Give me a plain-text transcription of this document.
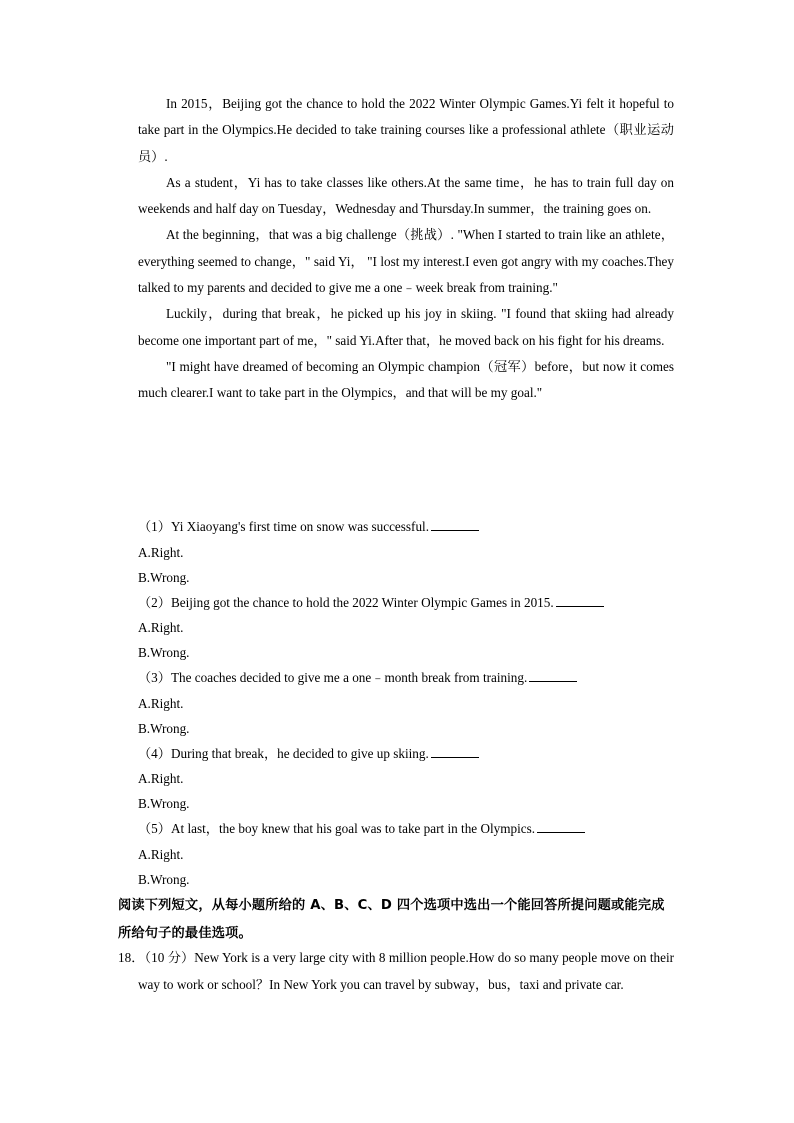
In 2015，Beijing got the chance to hold the 2022 Winter Olympic Games.Yi felt it hopeful to take part in the Olympics.He decided to take training courses like a professional athlete（职业运动员）.

As a student，Yi has to take classes like others.At the same time，he has to train full day on weekends and half day on Tuesday，Wednesday and Thursday.In summer，the training goes on.

At the beginning，that was a big challenge（挑战）. "When I started to train like an athlete，everything seemed to change，" said Yi， "I lost my interest.I even got angry with my coaches.They talked to my parents and decided to give me a one﹣week break from training."

Luckily，during that break，he picked up his joy in skiing. "I found that skiing had already become one important part of me，" said Yi.After that，he moved back on his fight for his dreams.

"I might have dreamed of becoming an Olympic champion（冠军）before，but now it comes much clearer.I want to take part in the Olympics，and that will be my goal."

（1）Yi Xiaoyang's first time on snow was successful.
A.Right.
B.Wrong.
（2）Beijing got the chance to hold the 2022 Winter Olympic Games in 2015.
A.Right.
B.Wrong.
（3）The coaches decided to give me a one﹣month break from training.
A.Right.
B.Wrong.
（4）During that break，he decided to give up skiing.
A.Right.
B.Wrong.
（5）At last，the boy knew that his goal was to take part in the Olympics.
A.Right.
B.Wrong.
阅读下列短文，从每小题所给的 A、B、C、D 四个选项中选出一个能回答所提问题或能完成所给句子的最佳选项。
18．（10 分）New York is a very large city with 8 million people.How do so many people move on their way to work or school？In New York you can travel by subway，bus，taxi and private car.
